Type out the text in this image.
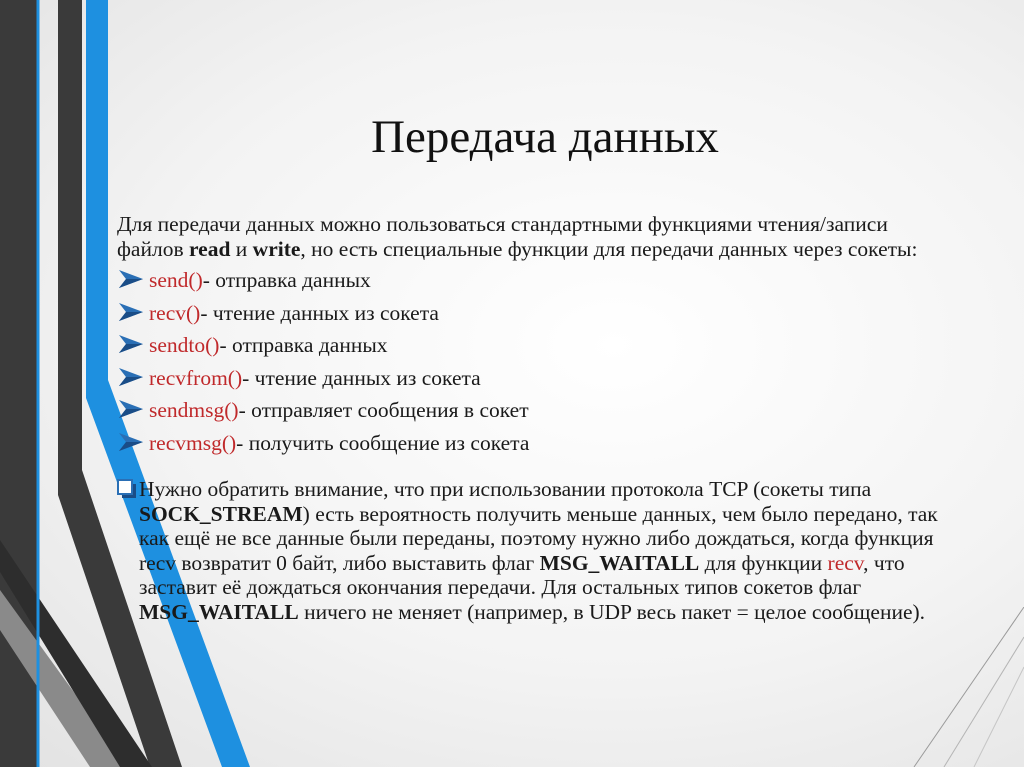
Передача данных

Для передачи данных можно пользоваться стандартными функциями чтения/записи файлов read и write, но есть специальные функции для передачи данных через сокеты:

send() - отправка данных
recv() - чтение данных из сокета
sendto() - отправка данных
recvfrom() - чтение данных из сокета
sendmsg() - отправляет сообщения в сокет
recvmsg() - получить сообщение из сокета

Нужно обратить внимание, что при использовании протокола TCP (сокеты типа SOCK_STREAM) есть вероятность получить меньше данных, чем было передано, так как ещё не все данные были переданы, поэтому нужно либо дождаться, когда функция recv возвратит 0 байт, либо выставить флаг MSG_WAITALL для функции recv, что заставит её дождаться окончания передачи. Для остальных типов сокетов флаг MSG_WAITALL ничего не меняет (например, в UDP весь пакет = целое сообщение).
